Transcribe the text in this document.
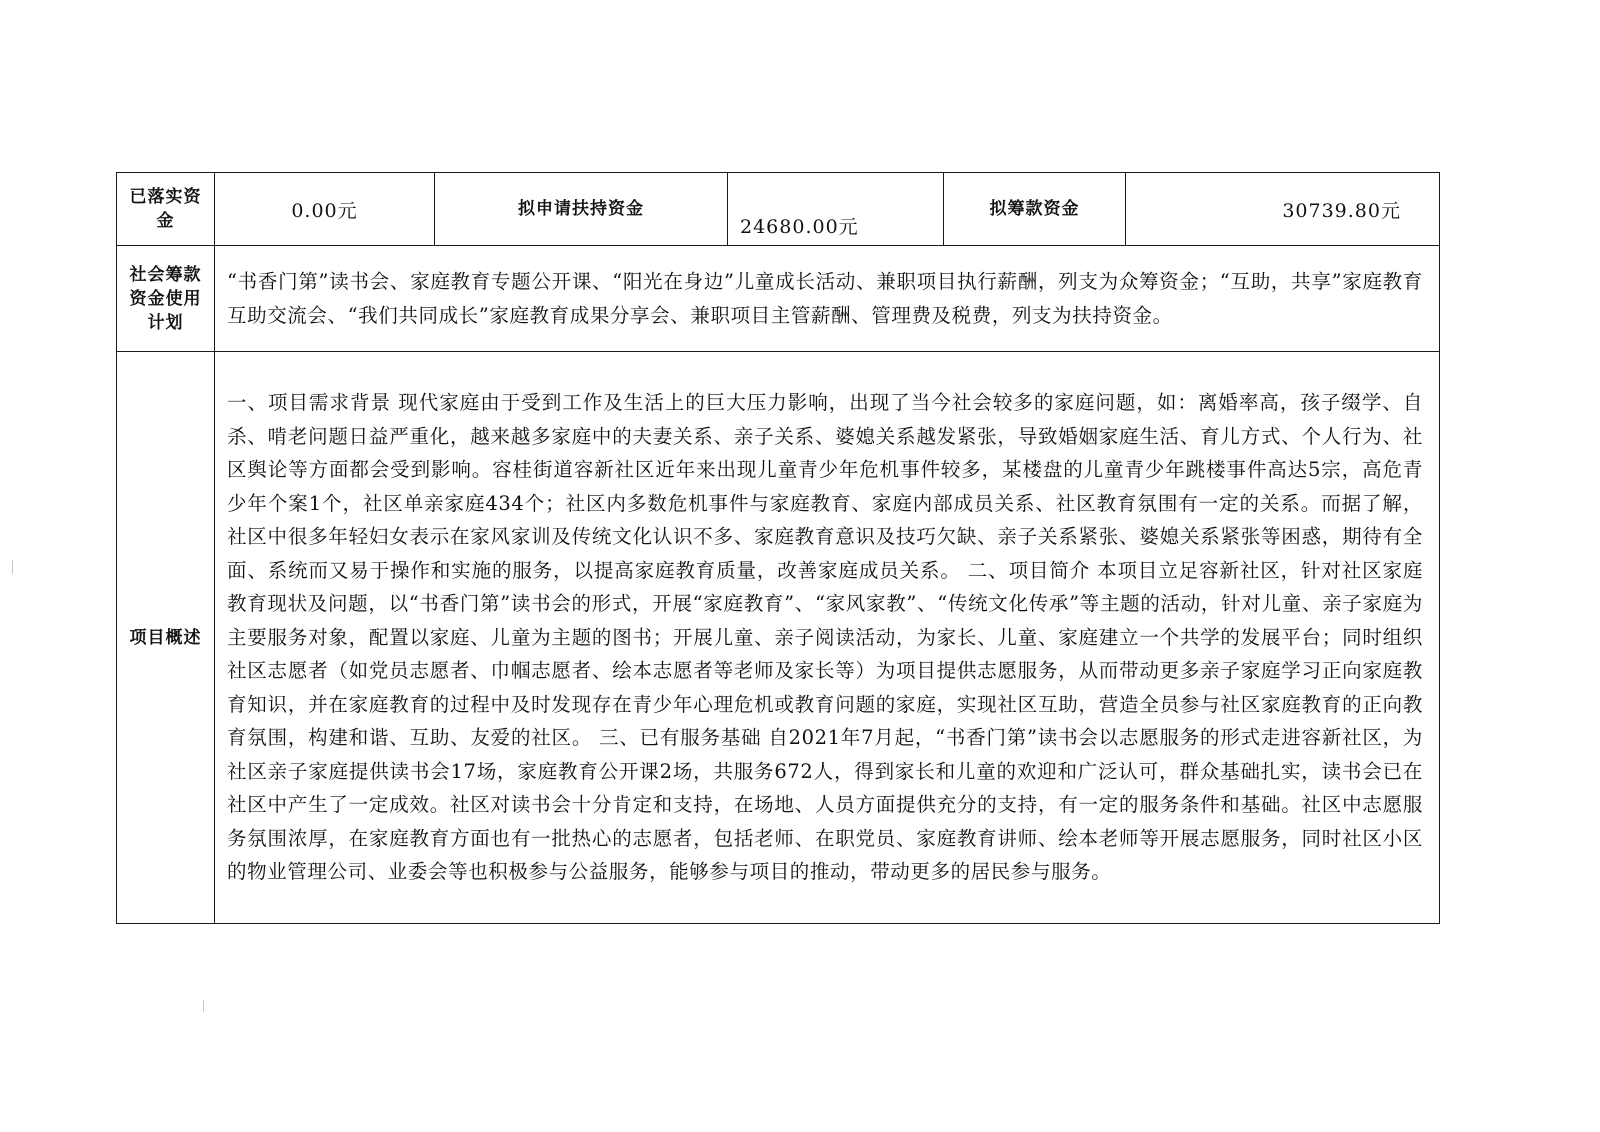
已落实资金	0.00元	拟申请扶持资金	24680.00元	拟筹款资金	30739.80元
社会筹款资金使用计划	“书香门第”读书会、家庭教育专题公开课、“阳光在身边”儿童成长活动、兼职项目执行薪酬，列支为众筹资金；“互助，共享”家庭教育互助交流会、“我们共同成长”家庭教育成果分享会、兼职项目主管薪酬、管理费及税费，列支为扶持资金。				
项目概述	一、项目需求背景 现代家庭由于受到工作及生活上的巨大压力影响，出现了当今社会较多的家庭问题，如：离婚率高，孩子缀学、自杀、啃老问题日益严重化，越来越多家庭中的夫妻关系、亲子关系、婆媳关系越发紧张，导致婚姻家庭生活、育儿方式、个人行为、社区舆论等方面都会受到影响。容桂街道容新社区近年来出现儿童青少年危机事件较多，某楼盘的儿童青少年跳楼事件高达5宗，高危青少年个案1个，社区单亲家庭434个；社区内多数危机事件与家庭教育、家庭内部成员关系、社区教育氛围有一定的关系。而据了解，社区中很多年轻妇女表示在家风家训及传统文化认识不多、家庭教育意识及技巧欠缺、亲子关系紧张、婆媳关系紧张等困惑，期待有全面、系统而又易于操作和实施的服务，以提高家庭教育质量，改善家庭成员关系。 二、项目简介 本项目立足容新社区，针对社区家庭教育现状及问题，以“书香门第”读书会的形式，开展“家庭教育”、“家风家教”、“传统文化传承”等主题的活动，针对儿童、亲子家庭为主要服务对象，配置以家庭、儿童为主题的图书；开展儿童、亲子阅读活动，为家长、儿童、家庭建立一个共学的发展平台；同时组织社区志愿者（如党员志愿者、巾帼志愿者、绘本志愿者等老师及家长等）为项目提供志愿服务，从而带动更多亲子家庭学习正向家庭教育知识，并在家庭教育的过程中及时发现存在青少年心理危机或教育问题的家庭，实现社区互助，营造全员参与社区家庭教育的正向教育氛围，构建和谐、互助、友爱的社区。 三、已有服务基础 自2021年7月起，“书香门第”读书会以志愿服务的形式走进容新社区，为社区亲子家庭提供读书会17场，家庭教育公开课2场，共服务672人，得到家长和儿童的欢迎和广泛认可，群众基础扎实，读书会已在社区中产生了一定成效。社区对读书会十分肯定和支持，在场地、人员方面提供充分的支持，有一定的服务条件和基础。社区中志愿服务氛围浓厚，在家庭教育方面也有一批热心的志愿者，包括老师、在职党员、家庭教育讲师、绘本老师等开展志愿服务，同时社区小区的物业管理公司、业委会等也积极参与公益服务，能够参与项目的推动，带动更多的居民参与服务。				
